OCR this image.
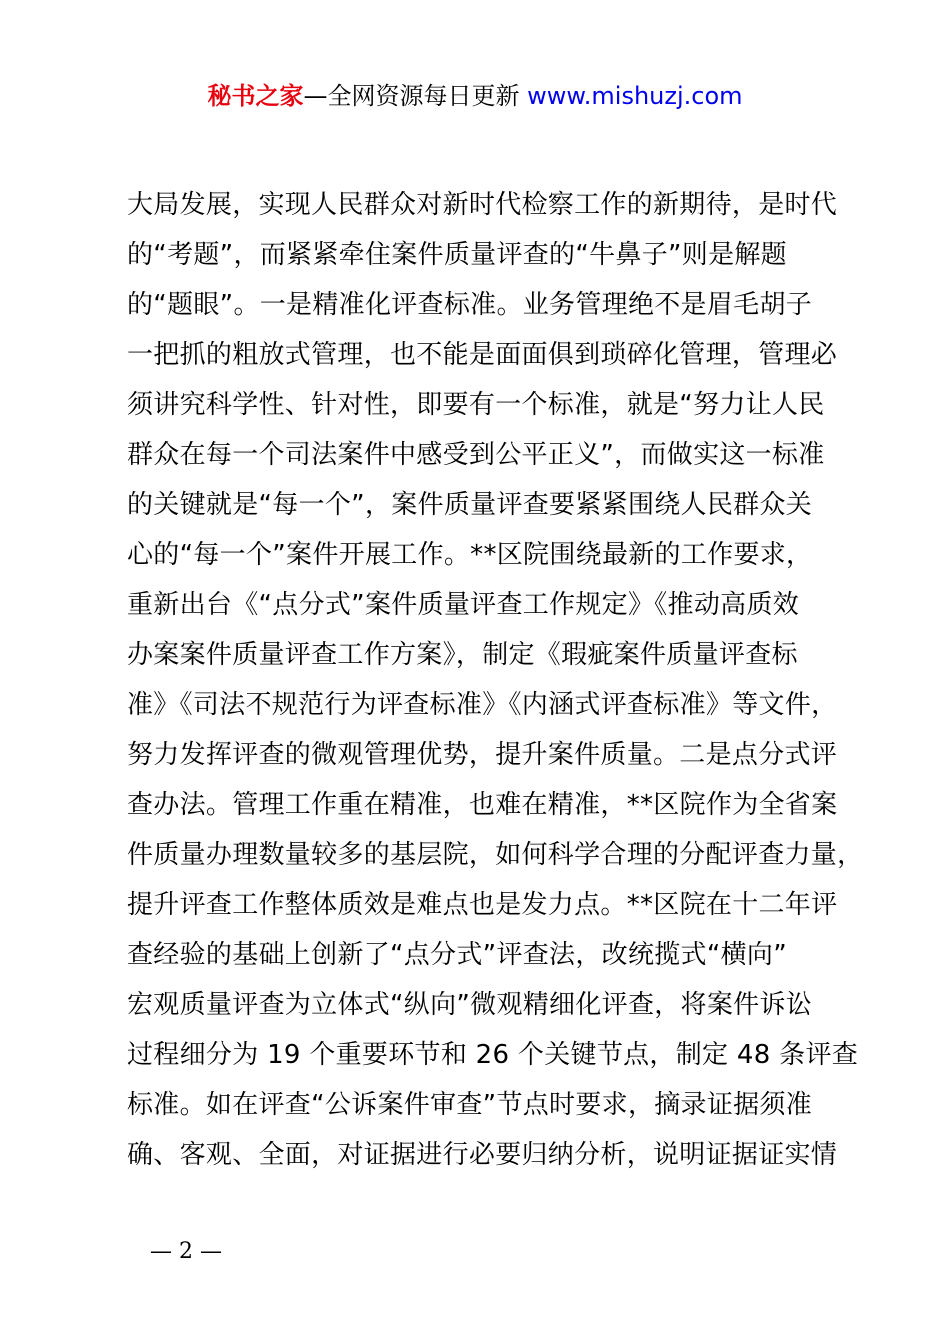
秘书之家—全网资源每日更新 www.mishuzj.com
大局发展，实现人民群众对新时代检察工作的新期待，是时代
的“考题”，而紧紧牵住案件质量评查的“牛鼻子”则是解题
的“题眼”。一是精准化评查标准。业务管理绝不是眉毛胡子
一把抓的粗放式管理，也不能是面面俱到琐碎化管理，管理必
须讲究科学性、针对性，即要有一个标准，就是“努力让人民
群众在每一个司法案件中感受到公平正义”，而做实这一标准
的关键就是“每一个”，案件质量评查要紧紧围绕人民群众关
心的“每一个”案件开展工作。**区院围绕最新的工作要求，
重新出台《“点分式”案件质量评查工作规定》《推动高质效
办案案件质量评查工作方案》，制定《瑕疵案件质量评查标
准》《司法不规范行为评查标准》《内涵式评查标准》等文件，
努力发挥评查的微观管理优势，提升案件质量。二是点分式评
查办法。管理工作重在精准，也难在精准，**区院作为全省案
件质量办理数量较多的基层院，如何科学合理的分配评查力量，
提升评查工作整体质效是难点也是发力点。**区院在十二年评
查经验的基础上创新了“点分式”评查法，改统揽式“横向”
宏观质量评查为立体式“纵向”微观精细化评查，将案件诉讼
过程细分为 19 个重要环节和 26 个关键节点，制定 48 条评查
标准。如在评查“公诉案件审查”节点时要求，摘录证据须准
确、客观、全面，对证据进行必要归纳分析，说明证据证实情
— 2 —
